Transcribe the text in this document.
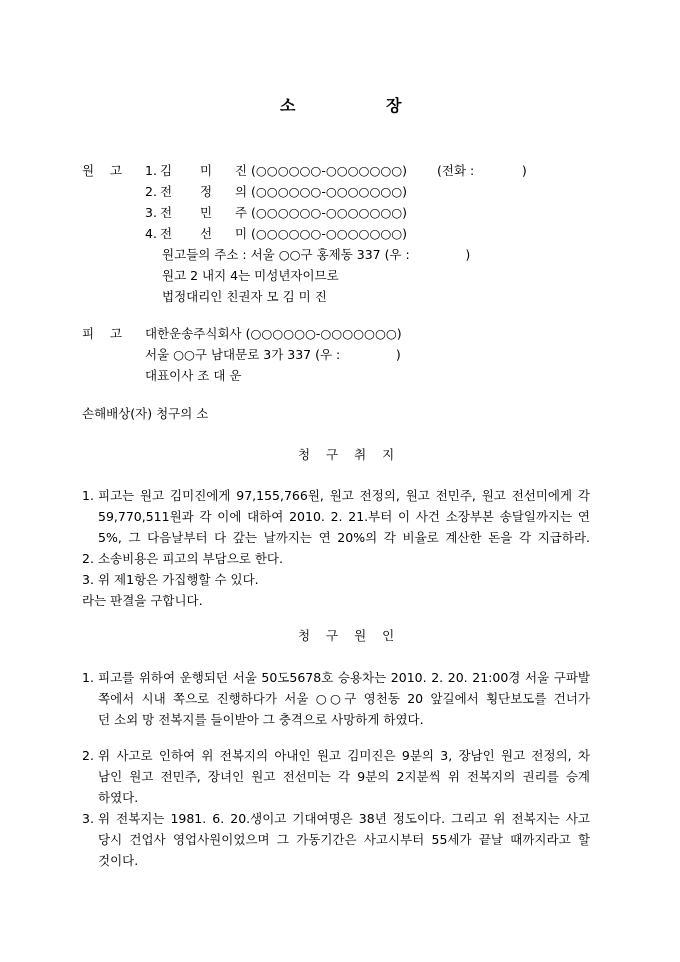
소	장
원 고 1. 김 미 진 (○○○○○○-○○○○○○○) (전화 :            )
2. 전 정 의 (○○○○○○-○○○○○○○)
3. 전 민 주 (○○○○○○-○○○○○○○)
4. 전 선 미 (○○○○○○-○○○○○○○)
원고들의 주소 : 서울 ○○구 홍제동 337 (우 :              )
원고 2 내지 4는 미성년자이므로
법정대리인 친권자 모 김 미 진
피 고 대한운송주식회사 (○○○○○○-○○○○○○○)
서울 ○○구 남대문로 3가 337 (우 :              )
대표이사 조 대 운
손해배상(자) 청구의 소
청 구 취 지
1. 피고는 원고 김미진에게 97,155,766원, 원고 전정의, 원고 전민주, 원고 전선미에게 각
59,770,511원과 각 이에 대하여 2010. 2. 21.부터 이 사건 소장부본 송달일까지는 연
5%, 그 다음날부터 다 갚는 날까지는 연 20%의 각 비율로 계산한 돈을 각 지급하라.
2. 소송비용은 피고의 부담으로 한다.
3. 위 제1항은 가집행할 수 있다.
라는 판결을 구합니다.
청 구 원 인
1. 피고를 위하여 운행되던 서울 50도5678호 승용차는 2010. 2. 20. 21:00경 서울 구파발
쪽에서 시내 쪽으로 진행하다가 서울 ○○구 영천동 20 앞길에서 횡단보도를 건너가
던 소외 망 전복지를 들이받아 그 충격으로 사망하게 하였다.
2. 위 사고로 인하여 위 전복지의 아내인 원고 김미진은 9분의 3, 장남인 원고 전정의, 차
남인 원고 전민주, 장녀인 원고 전선미는 각 9분의 2지분씩 위 전복지의 권리를 승계
하였다.
3. 위 전복지는 1981. 6. 20.생이고 기대여명은 38년 정도이다. 그리고 위 전복지는 사고
당시 건업사 영업사원이었으며 그 가동기간은 사고시부터 55세가 끝날 때까지라고 할
것이다.
